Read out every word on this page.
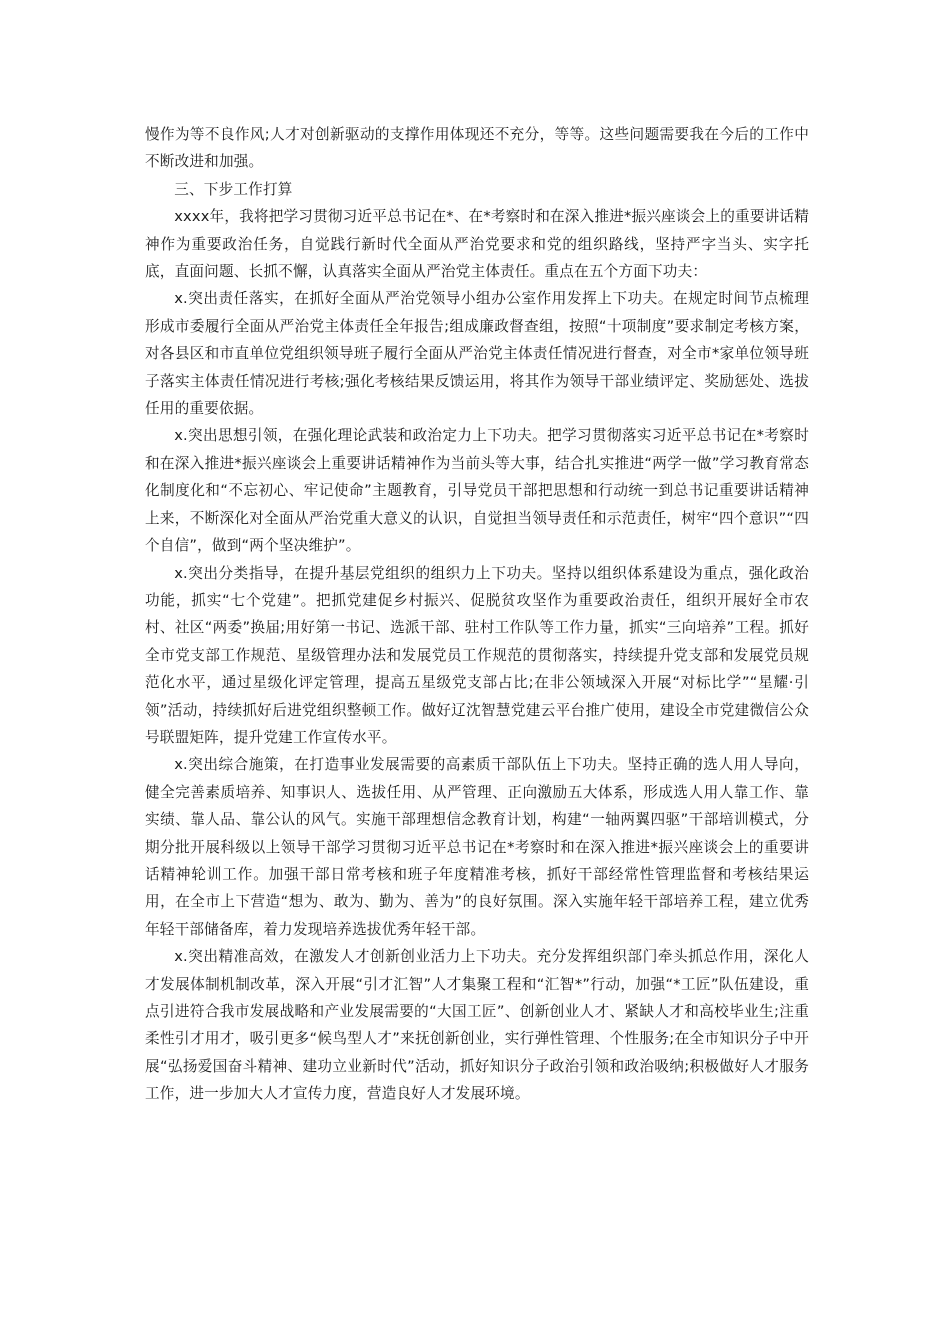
慢作为等不良作风;人才对创新驱动的支撑作用体现还不充分，等等。这些问题需要我在今后的工作中不断改进和加强。

三、下步工作打算

xxxx年，我将把学习贯彻习近平总书记在*、在*考察时和在深入推进*振兴座谈会上的重要讲话精神作为重要政治任务，自觉践行新时代全面从严治党要求和党的组织路线，坚持严字当头、实字托底，直面问题、长抓不懈，认真落实全面从严治党主体责任。重点在五个方面下功夫：

x.突出责任落实，在抓好全面从严治党领导小组办公室作用发挥上下功夫。在规定时间节点梳理形成市委履行全面从严治党主体责任全年报告;组成廉政督查组，按照“十项制度”要求制定考核方案，对各县区和市直单位党组织领导班子履行全面从严治党主体责任情况进行督查，对全市*家单位领导班子落实主体责任情况进行考核;强化考核结果反馈运用，将其作为领导干部业绩评定、奖励惩处、选拔任用的重要依据。

x.突出思想引领，在强化理论武装和政治定力上下功夫。把学习贯彻落实习近平总书记在*考察时和在深入推进*振兴座谈会上重要讲话精神作为当前头等大事，结合扎实推进“两学一做”学习教育常态化制度化和“不忘初心、牢记使命”主题教育，引导党员干部把思想和行动统一到总书记重要讲话精神上来，不断深化对全面从严治党重大意义的认识，自觉担当领导责任和示范责任，树牢“四个意识”“四个自信”，做到“两个坚决维护”。

x.突出分类指导，在提升基层党组织的组织力上下功夫。坚持以组织体系建设为重点，强化政治功能，抓实“七个党建”。把抓党建促乡村振兴、促脱贫攻坚作为重要政治责任，组织开展好全市农村、社区“两委”换届;用好第一书记、选派干部、驻村工作队等工作力量，抓实“三向培养”工程。抓好全市党支部工作规范、星级管理办法和发展党员工作规范的贯彻落实，持续提升党支部和发展党员规范化水平，通过星级化评定管理，提高五星级党支部占比;在非公领域深入开展“对标比学”“星耀·引领”活动，持续抓好后进党组织整顿工作。做好辽沈智慧党建云平台推广使用，建设全市党建微信公众号联盟矩阵，提升党建工作宣传水平。

x.突出综合施策，在打造事业发展需要的高素质干部队伍上下功夫。坚持正确的选人用人导向，健全完善素质培养、知事识人、选拔任用、从严管理、正向激励五大体系，形成选人用人靠工作、靠实绩、靠人品、靠公认的风气。实施干部理想信念教育计划，构建“一轴两翼四驱”干部培训模式，分期分批开展科级以上领导干部学习贯彻习近平总书记在*考察时和在深入推进*振兴座谈会上的重要讲话精神轮训工作。加强干部日常考核和班子年度精准考核，抓好干部经常性管理监督和考核结果运用，在全市上下营造“想为、敢为、勤为、善为”的良好氛围。深入实施年轻干部培养工程，建立优秀年轻干部储备库，着力发现培养选拔优秀年轻干部。

x.突出精准高效，在激发人才创新创业活力上下功夫。充分发挥组织部门牵头抓总作用，深化人才发展体制机制改革，深入开展“引才汇智”人才集聚工程和“汇智*”行动，加强“*工匠”队伍建设，重点引进符合我市发展战略和产业发展需要的“大国工匠”、创新创业人才、紧缺人才和高校毕业生;注重柔性引才用才，吸引更多“候鸟型人才”来抚创新创业，实行弹性管理、个性服务;在全市知识分子中开展“弘扬爱国奋斗精神、建功立业新时代”活动，抓好知识分子政治引领和政治吸纳;积极做好人才服务工作，进一步加大人才宣传力度，营造良好人才发展环境。
